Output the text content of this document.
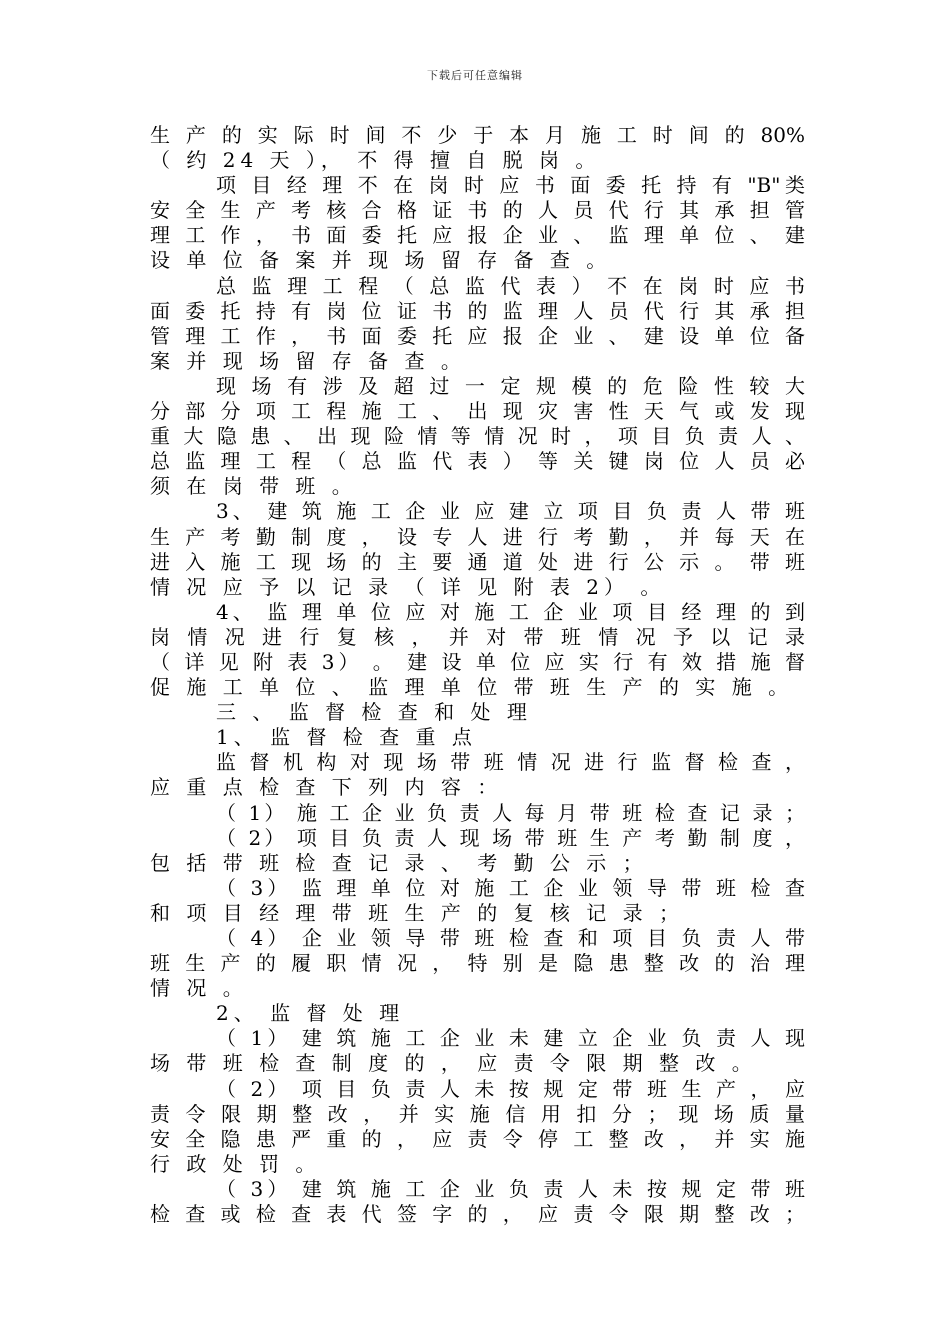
下载后可任意编辑
生 产 的 实 际 时 间 不 少 于 本 月 施 工 时 间 的 80%
（ 约 24 天 ）， 不 得 擅 自 脱 岗 。
项 目 经 理 不 在 岗 时 应 书 面 委 托 持 有 "B"类
安 全 生 产 考 核 合 格 证 书 的 人 员 代 行 其 承 担 管
理 工 作 ， 书 面 委 托 应 报 企 业 、 监 理 单 位 、 建
设 单 位 备 案 并 现 场 留 存 备 查 。
总 监 理 工 程 （ 总 监 代 表 ） 不 在 岗 时 应 书
面 委 托 持 有 岗 位 证 书 的 监 理 人 员 代 行 其 承 担
管 理 工 作 ， 书 面 委 托 应 报 企 业 、 建 设 单 位 备
案 并 现 场 留 存 备 查 。
现 场 有 涉 及 超 过 一 定 规 模 的 危 险 性 较 大
分 部 分 项 工 程 施 工 、 出 现 灾 害 性 天 气 或 发 现
重 大 隐 患 、 出 现 险 情 等 情 况 时 ， 项 目 负 责 人 、
总 监 理 工 程 （ 总 监 代 表 ） 等 关 键 岗 位 人 员 必
须 在 岗 带 班 。
3、 建 筑 施 工 企 业 应 建 立 项 目 负 责 人 带 班
生 产 考 勤 制 度 ， 设 专 人 进 行 考 勤 ， 并 每 天 在
进 入 施 工 现 场 的 主 要 通 道 处 进 行 公 示 。 带 班
情 况 应 予 以 记 录 （ 详 见 附 表 2） 。
4、 监 理 单 位 应 对 施 工 企 业 项 目 经 理 的 到
岗 情 况 进 行 复 核 ， 并 对 带 班 情 况 予 以 记 录
（ 详 见 附 表 3） 。 建 设 单 位 应 实 行 有 效 措 施 督
促 施 工 单 位 、 监 理 单 位 带 班 生 产 的 实 施 。
三 、 监 督 检 查 和 处 理
1、 监 督 检 查 重 点
监 督 机 构 对 现 场 带 班 情 况 进 行 监 督 检 查 ，
应 重 点 检 查 下 列 内 容 ：
（ 1） 施 工 企 业 负 责 人 每 月 带 班 检 查 记 录 ；
（ 2） 项 目 负 责 人 现 场 带 班 生 产 考 勤 制 度 ，
包 括 带 班 检 查 记 录 、 考 勤 公 示 ；
（ 3） 监 理 单 位 对 施 工 企 业 领 导 带 班 检 查
和 项 目 经 理 带 班 生 产 的 复 核 记 录 ；
（ 4） 企 业 领 导 带 班 检 查 和 项 目 负 责 人 带
班 生 产 的 履 职 情 况 ， 特 别 是 隐 患 整 改 的 治 理
情 况 。
2、 监 督 处 理
（ 1） 建 筑 施 工 企 业 未 建 立 企 业 负 责 人 现
场 带 班 检 查 制 度 的 ， 应 责 令 限 期 整 改 。
（ 2） 项 目 负 责 人 未 按 规 定 带 班 生 产 ， 应
责 令 限 期 整 改 ， 并 实 施 信 用 扣 分 ； 现 场 质 量
安 全 隐 患 严 重 的 ， 应 责 令 停 工 整 改 ， 并 实 施
行 政 处 罚 。
（ 3） 建 筑 施 工 企 业 负 责 人 未 按 规 定 带 班
检 查 或 检 查 表 代 签 字 的 ， 应 责 令 限 期 整 改 ；
